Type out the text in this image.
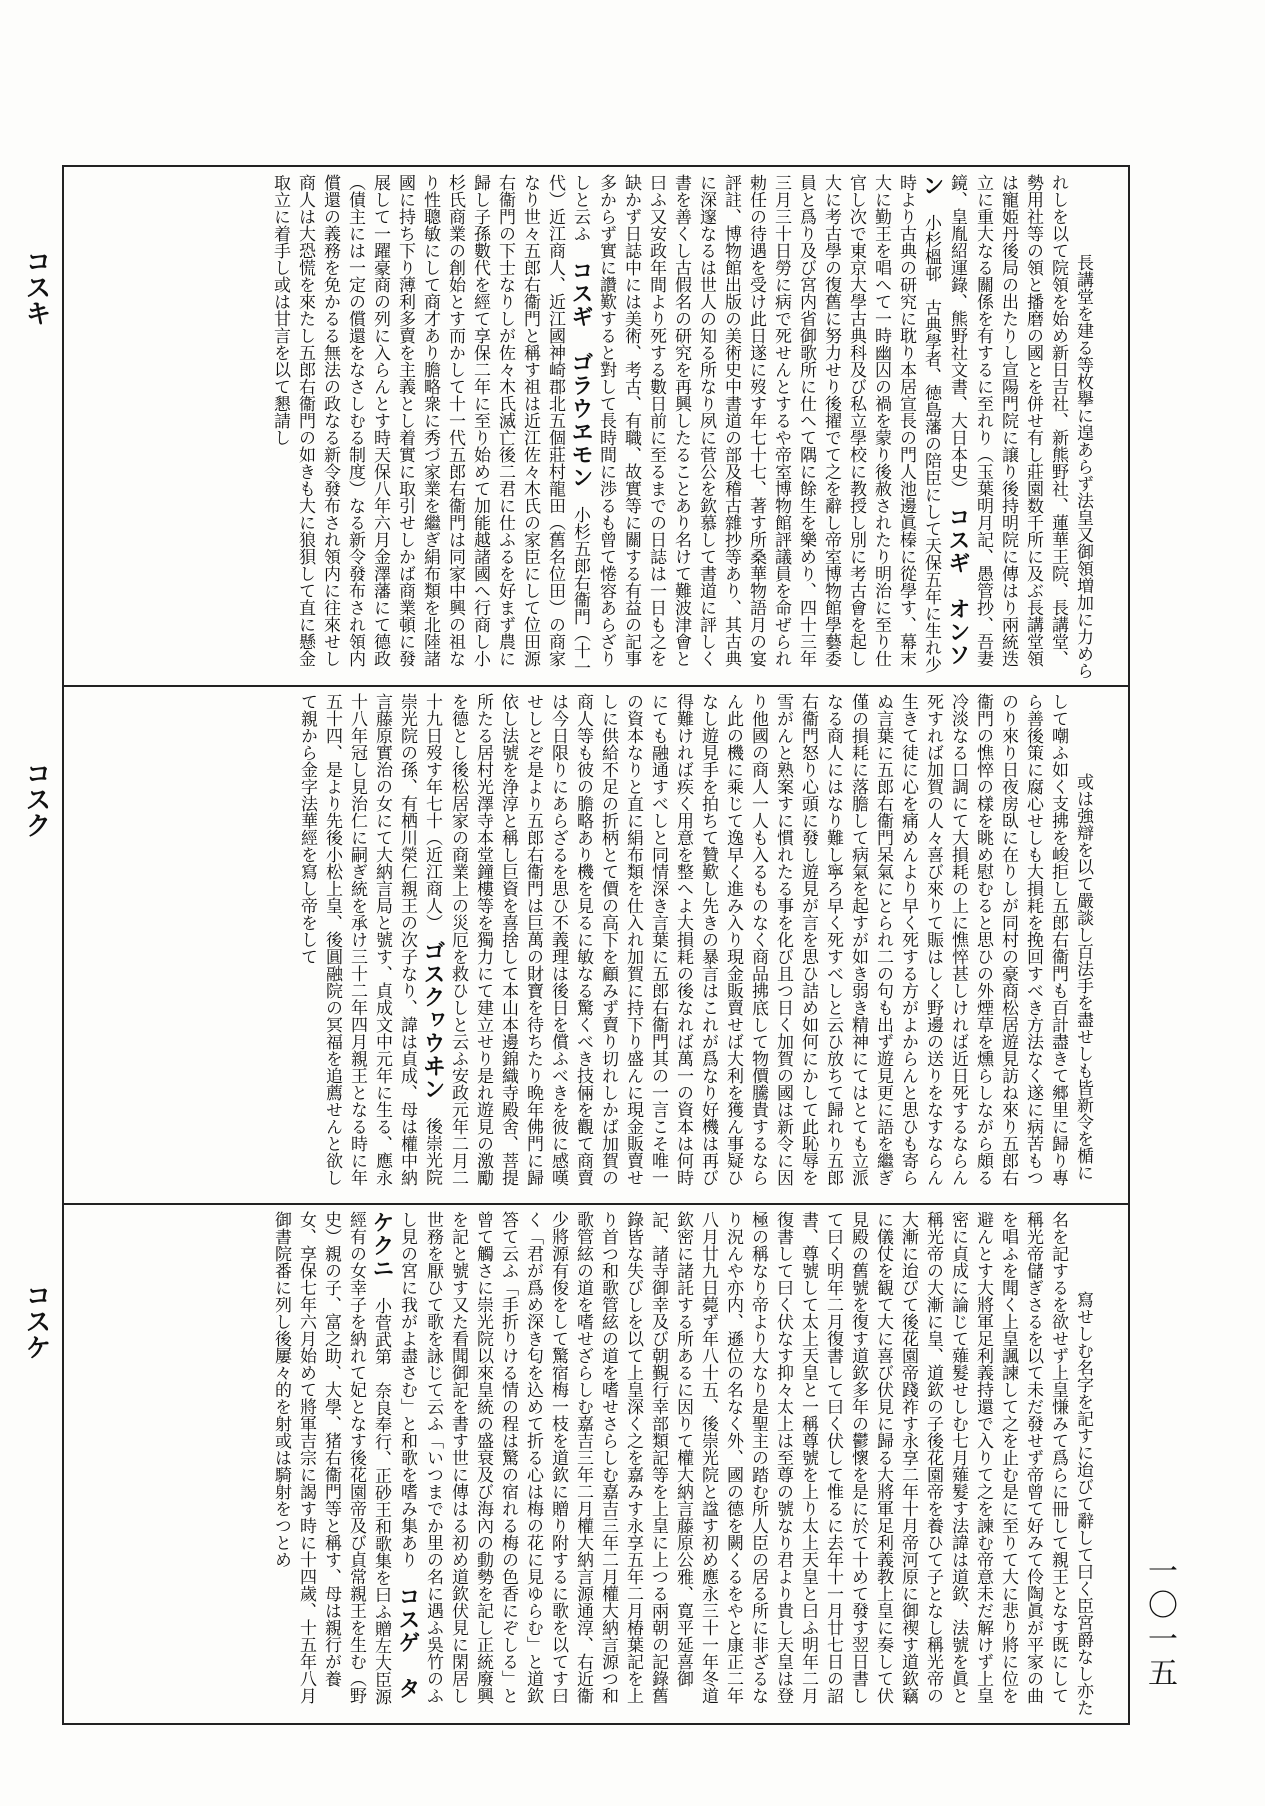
コスキ
コスク
コスケ
一〇一五

長講堂を建る等枚擧に遑あらず法皇又御領増加に力められしを以て院領を始め新日吉社、新熊野社、蓮華王院、長講堂、勢用社等の領と播磨の國とを併せ有し莊園数千所に及ぶ長講堂領は寵姫丹後局の出たりし宣陽門院に譲り後持明院に傳はり兩統迭立に重大なる關係を有するに至れり（玉葉明月記、愚管抄、吾妻鏡、皇胤紹運錄、熊野社文書、大日本史）　コスギ　オンソン　小杉榲邨　古典學者、徳島藩の陪臣にして天保五年に生れ少時より古典の研究に耽り本居宣長の門人池邊眞榛に從學す、幕末大に勤王を唱へて一時幽囚の禍を蒙り後赦されたり明治に至り仕官し次で東京大學古典科及び私立學校に教授し別に考古會を起し大に考古學の復舊に努力せり後擢でて之を辭し帝室博物館學藝委員と爲り及び宮内省御歌所に仕へて隅に餘生を樂めり、四十三年三月三十日勞に病で死せんとするや帝室博物館評議員を命ぜられ勅任の待遇を受け此日遂に歿す年七十七、著す所桑華物語月の宴評註、博物館出版の美術史中書道の部及稽古雜抄等あり、其古典に深邃なるは世人の知る所なり夙に菅公を欽慕して書道に評しく書を善くし古假名の研究を再興したることあり名けて難波津會と曰ふ又安政年間より死する數日前に至るまでの日誌は一日も之を缺かず日誌中には美術、考古、有職、故實等に關する有益の記事多からず實に讚歎すると對して長時間に渉るも曾て惓容あらざりしと云ふ　コスギ　ゴラウヱモン　小杉五郎右衞門（十一代）近江商人、近江國神崎郡北五個莊村龍田（舊名位田）の商家なり世々五郎右衞門と稱す祖は近江佐々木氏の家臣にして位田源右衞門の下士なりしが佐々木氏滅亡後二君に仕ふるを好まず農に歸し子孫數代を經て享保二年に至り始めて加能越諸國へ行商し小杉氏商業の創始とす而かして十一代五郎右衞門は同家中興の祖なり性聰敏にして商才あり膽略衆に秀づ家業を繼ぎ絹布類を北陸諸國に持ち下り薄利多賣を主義とし着實に取引せしかば商業頓に發展して一躍豪商の列に入らんとす時天保八年六月金澤藩にて德政（債主には一定の償還をなさしむる制度）なる新令發布され領内償還の義務を免かるる無法の政なる新令發布され領内に往來せし商人は大恐慌を來たし五郎右衞門の如きも大に狼狽して直に懸金取立に着手し或は甘言を以て懇請し

或は強辯を以て嚴談し百法手を盡せしも皆新令を楯にして嘲ふ如く支拂を峻拒し五郎右衞門も百計盡きて郷里に歸り專ら善後策に腐心せしも大損耗を挽回すべき方法なく遂に病苦もつのり來り日夜房臥に在りしが同村の豪商松居遊見訪ね來り五郎右衞門の憔悴の樣を眺め慰むると思ひの外煙草を燻らしながら頗る冷淡なる口調にて大損耗の上に憔悴甚しければ近日死するならん死すれば加賀の人々喜び來りて賑はしく野邊の送りをなすならん生きて徒に心を痛めんより早く死する方がよからんと思ひも寄らぬ言葉に五郎右衞門呆氣にとられ二の句も出ず遊見更に語を繼ぎ僅の損耗に落膽して病氣を起すが如き弱き精神にてはとても立派なる商人にはなり難し寧ろ早く死すべしと云ひ放ちて歸れり五郎右衞門怒り心頭に發し遊見が言を思ひ詰め如何にかして此恥辱を雪がんと熟案すに慣れたる事を化び且つ日く加賀の國は新令に因り他國の商人一人も入るものなく商品拂底して物價騰貴するならん此の機に乘じて逸早く進み入り現金販賣せば大利を獲ん事疑ひなし遊見手を拍ちて贊歎し先きの暴言はこれが爲なり好機は再び得難ければ疾く用意を整へよ大損耗の後なれば萬一の資本は何時にても融通すべしと同情深き言葉に五郎右衞門其の一言こそ唯一の資本なりと直に絹布類を仕入れ加賀に持下り盛んに現金販賣せしに供給不足の折柄とて價の高下を顧みず賣り切れしかば加賀の商人等も彼の膽略あり機を見るに敏なる驚くべき技倆を觀て商賣は今日限りにあらざるを思ひ不義理は後日を償ふべきを彼に感嘆せしとぞ是より五郎右衞門は巨萬の財寶を待ちたり晩年佛門に歸依し法號を浄淳と稱し巨資を喜捨して本山本邊錦織寺殿舍、菩提所たる居村光澤寺本堂鐘樓等を獨力にて建立せり是れ遊見の激勵を德とし後松居家の商業上の災厄を救ひしと云ふ安政元年二月二十九日歿す年七十（近江商人）　ゴスクヮウヰン　後崇光院　崇光院の孫、有栖川榮仁親王の次子なり、諱は貞成、母は權中納言藤原實治の女にて大納言局と號す、貞成文中元年に生る、應永十八年冠し見治仁に嗣ぎ統を承け三十二年四月親王となる時に年五十四、是より先後小松上皇、後圓融院の冥福を追薦せんと欲して親から金字法華經を寫し帝をして

寫せしむ名字を記すに迨びて辭して曰く臣宮爵なし亦た名を記するを欲せず上皇慊みて爲らに冊して親王となす既にして稱光帝儲ぎさるを以て未だ發せず帝曾て好みて伶陶眞が平家の曲を唱ふを聞く上皇諷諫して之を止む是に至りて大に悲り將に位を避んとす大將軍足利義持還で入りて之を諫む帝意未だ解けず上皇密に貞成に論じて薙髮せしむ七月薙髮す法諱は道欽、法號を眞と稱光帝の大漸に皇、道欽の子後花園帝を養ひて子となし稱光帝の大漸に迨びて後花園帝踐祚す永享二年十月帝河原に御禊す道欽竊に儀仗を観て大に喜び伏見に歸る大將軍足利義教上皇に奏して伏見殿の舊號を復す道欽多年の鬱懷を是に於て十めて發す翌日書して曰く明年二月復書して曰く伏して惟るに去年十一月廿七日の詔書、尊號して太上天皇と一稱尊號を上り太上天皇と曰ふ明年二月復書して曰く伏なす抑々太上は至尊の號なり君より貴し天皇は登極の稱なり帝より大なり是聖主の踏む所人臣の居る所に非ざるなり況んや亦内、遜位の名なく外、國の德を闕くるをやと康正二年八月廿九日薨ず年八十五、後崇光院と諡す初め應永三十一年冬道欽密に諸託する所あるに因りて權大納言藤原公雅、寛平延喜御記、諸寺御幸及び朝覲行幸部類記等を上皇に上つる兩朝の記錄舊錄皆な失びしを以て上皇深く之を嘉みす永享五年二月椿葉記を上り首つ和歌管絃の道を嗜せさらしむ嘉吉三年二月權大納言源つ和歌管絃の道を嗜せざらしむ嘉吉三年二月權大納言源通淳、右近衞少將源有俊をして驚宿梅一枝を道欽に贈り附するに歌を以てす曰く「君が爲め深き匂を込めて折る心は梅の花に見ゆらむ」と道欽答て云ふ「手折りける情の程は驚の宿れる梅の色香にぞしる」と曾て觸さに崇光院以來皇統の盛衰及び海內の動勢を記し正統廢興を記と號す又た看聞御記を書す世に傳はる初め道欽伏見に閑居し世務を厭ひて歌を詠じて云ふ「いつまでか里の名に遇ふ吳竹のふし見の宮に我がよ盡さむ」と和歌を嗜み集あり　コスゲ　タケクニ　小菅武第　奈良奉行、正砂王和歌集を曰ふ贈左大臣源經有の女幸子を納れて妃となす後花園帝及び貞常親王を生む（野史）親の子、富之助、大學、猪右衞門等と稱す、母は親行が養女、享保七年六月始めて將軍吉宗に謁す時に十四歲、十五年八月御書院番に列し後屢々的を射或は騎射をつとめ
